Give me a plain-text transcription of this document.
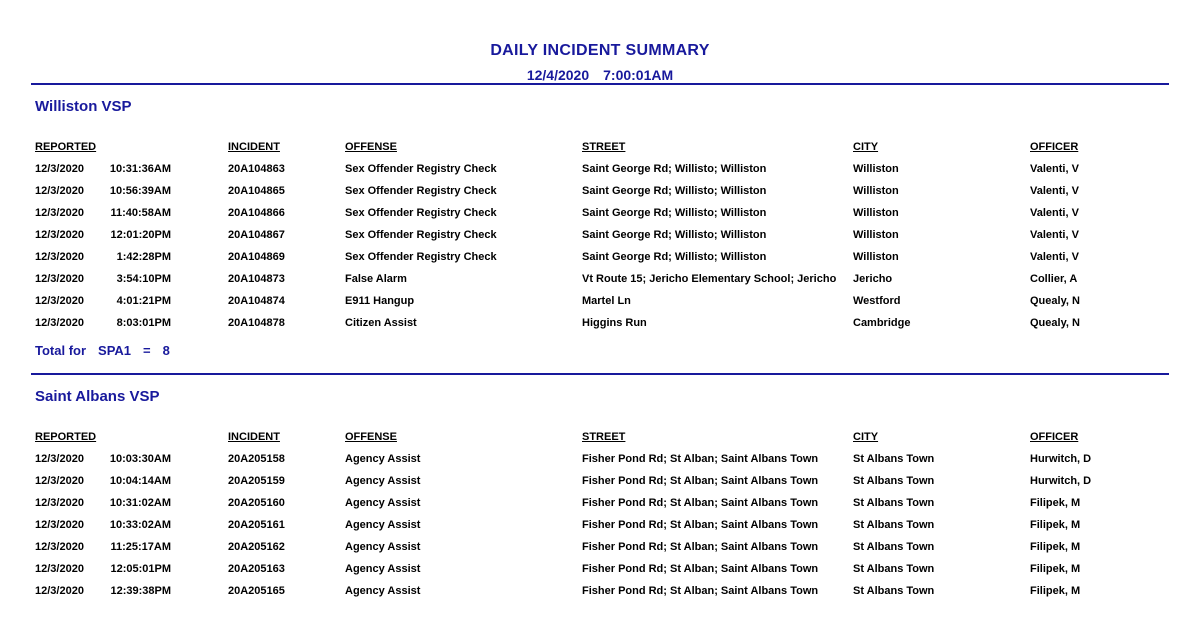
DAILY INCIDENT SUMMARY
12/4/2020 7:00:01AM
Williston VSP
REPORTED	INCIDENT	OFFENSE	STREET	CITY	OFFICER
12/3/2020 10:31:36AM	20A104863	Sex Offender Registry Check	Saint George Rd; Willisto; Williston	Williston	Valenti, V
12/3/2020 10:56:39AM	20A104865	Sex Offender Registry Check	Saint George Rd; Willisto; Williston	Williston	Valenti, V
12/3/2020 11:40:58AM	20A104866	Sex Offender Registry Check	Saint George Rd; Willisto; Williston	Williston	Valenti, V
12/3/2020 12:01:20PM	20A104867	Sex Offender Registry Check	Saint George Rd; Willisto; Williston	Williston	Valenti, V
12/3/2020	1:42:28PM	20A104869	Sex Offender Registry Check	Saint George Rd; Willisto; Williston	Williston	Valenti, V
12/3/2020	3:54:10PM	20A104873	False Alarm	Vt Route 15; Jericho Elementary School; Jericho	Jericho	Collier, A
12/3/2020	4:01:21PM	20A104874	E911 Hangup	Martel Ln	Westford	Quealy, N
12/3/2020	8:03:01PM	20A104878	Citizen Assist	Higgins Run	Cambridge	Quealy, N
Total for SPA1 = 8
Saint Albans VSP
REPORTED	INCIDENT	OFFENSE	STREET	CITY	OFFICER
12/3/2020 10:03:30AM	20A205158	Agency Assist	Fisher Pond Rd; St Alban; Saint Albans Town	St Albans Town	Hurwitch, D
12/3/2020 10:04:14AM	20A205159	Agency Assist	Fisher Pond Rd; St Alban; Saint Albans Town	St Albans Town	Hurwitch, D
12/3/2020 10:31:02AM	20A205160	Agency Assist	Fisher Pond Rd; St Alban; Saint Albans Town	St Albans Town	Filipek, M
12/3/2020 10:33:02AM	20A205161	Agency Assist	Fisher Pond Rd; St Alban; Saint Albans Town	St Albans Town	Filipek, M
12/3/2020 11:25:17AM	20A205162	Agency Assist	Fisher Pond Rd; St Alban; Saint Albans Town	St Albans Town	Filipek, M
12/3/2020 12:05:01PM	20A205163	Agency Assist	Fisher Pond Rd; St Alban; Saint Albans Town	St Albans Town	Filipek, M
12/3/2020 12:39:38PM	20A205165	Agency Assist	Fisher Pond Rd; St Alban; Saint Albans Town	St Albans Town	Filipek, M
